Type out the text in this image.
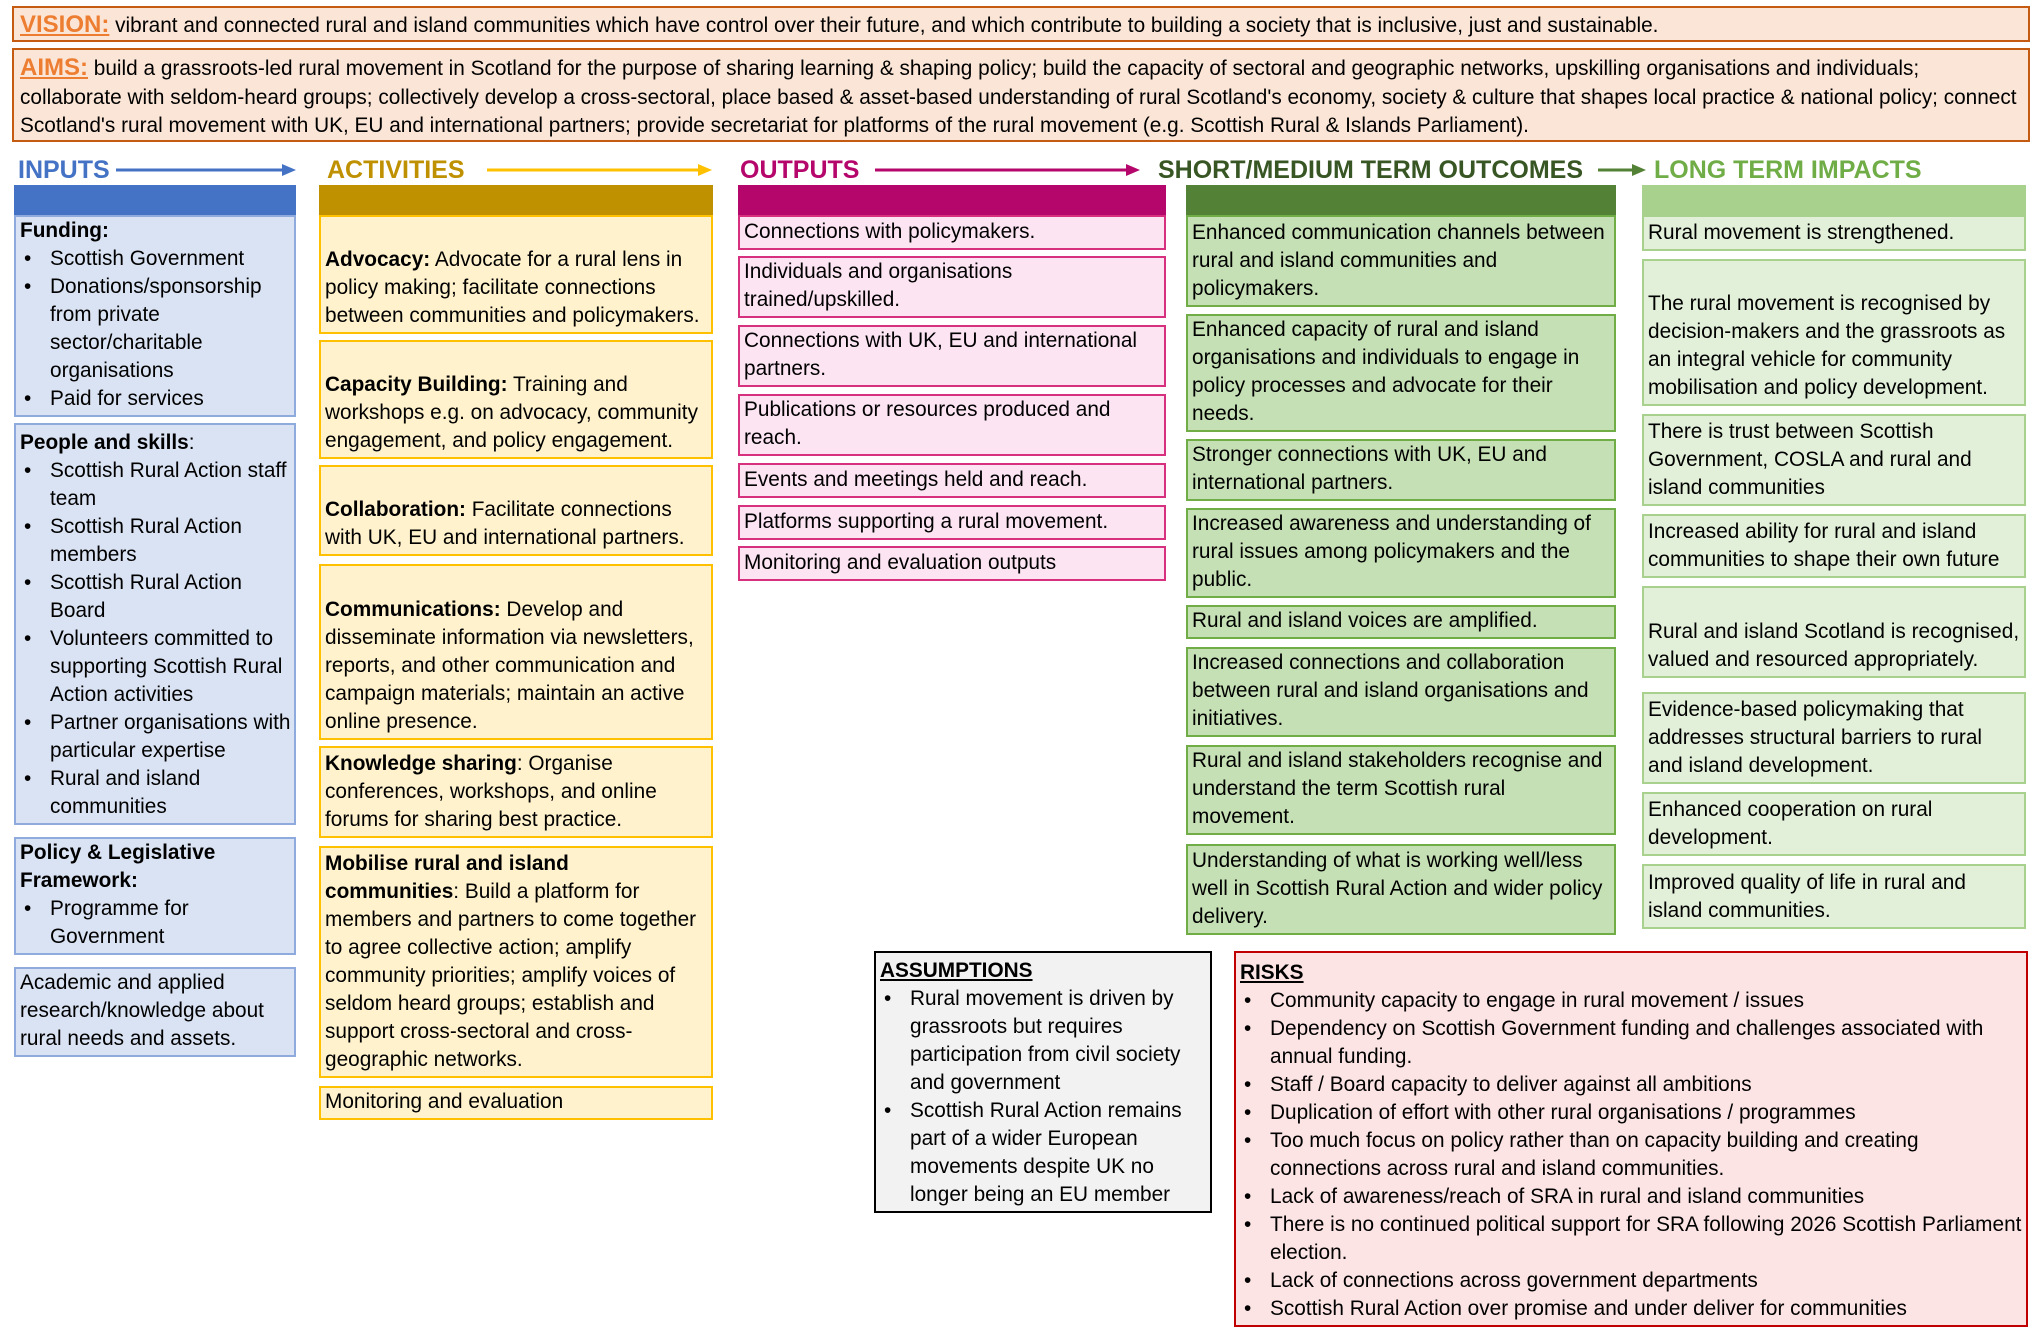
VISION: vibrant and connected rural and island communities which have control over their future, and which contribute to building a society that is inclusive, just and sustainable.
AIMS: build a grassroots-led rural movement in Scotland for the purpose of sharing learning & shaping policy; build the capacity of sectoral and geographic networks, upskilling organisations and individuals; collaborate with seldom-heard groups; collectively develop a cross-sectoral, place based & asset-based understanding of rural Scotland's economy, society & culture that shapes local practice & national policy; connect Scotland's rural movement with UK, EU and international partners; provide secretariat for platforms of the rural movement (e.g. Scottish Rural & Islands Parliament).
INPUTS	ACTIVITIES	OUTPUTS	SHORT/MEDIUM TERM OUTCOMES	LONG TERM IMPACTS
Funding:
• Scottish Government
• Donations/sponsorship from private sector/charitable organisations
• Paid for services
People and skills:
• Scottish Rural Action staff team
• Scottish Rural Action members
• Scottish Rural Action Board
• Volunteers committed to supporting Scottish Rural Action activities
• Partner organisations with particular expertise
• Rural and island communities
Policy & Legislative Framework:
• Programme for Government
Academic and applied research/knowledge about rural needs and assets.
Advocacy: Advocate for a rural lens in policy making; facilitate connections between communities and policymakers.
Capacity Building: Training and workshops e.g. on advocacy, community engagement, and policy engagement.
Collaboration: Facilitate connections with UK, EU and international partners.
Communications: Develop and disseminate information via newsletters, reports, and other communication and campaign materials; maintain an active online presence.
Knowledge sharing: Organise conferences, workshops, and online forums for sharing best practice.
Mobilise rural and island communities: Build a platform for members and partners to come together to agree collective action; amplify community priorities; amplify voices of seldom heard groups; establish and support cross-sectoral and cross-geographic networks.
Monitoring and evaluation
Connections with policymakers.
Individuals and organisations trained/upskilled.
Connections with UK, EU and international partners.
Publications or resources produced and reach.
Events and meetings held and reach.
Platforms supporting a rural movement.
Monitoring and evaluation outputs
Enhanced communication channels between rural and island communities and policymakers.
Enhanced capacity of rural and island organisations and individuals to engage in policy processes and advocate for their needs.
Stronger connections with UK, EU and international partners.
Increased awareness and understanding of rural issues among policymakers and the public.
Rural and island voices are amplified.
Increased connections and collaboration between rural and island organisations and initiatives.
Rural and island stakeholders recognise and understand the term Scottish rural movement.
Understanding of what is working well/less well in Scottish Rural Action and wider policy delivery.
Rural movement is strengthened.
The rural movement is recognised by decision-makers and the grassroots as an integral vehicle for community mobilisation and policy development.
There is trust between Scottish Government, COSLA and rural and island communities
Increased ability for rural and island communities to shape their own future
Rural and island Scotland is recognised, valued and resourced appropriately.
Evidence-based policymaking that addresses structural barriers to rural and island development.
Enhanced cooperation on rural development.
Improved quality of life in rural and island communities.
ASSUMPTIONS
• Rural movement is driven by grassroots but requires participation from civil society and government
• Scottish Rural Action remains part of a wider European movements despite UK no longer being an EU member
RISKS
• Community capacity to engage in rural movement / issues
• Dependency on Scottish Government funding and challenges associated with annual funding.
• Staff / Board capacity to deliver against all ambitions
• Duplication of effort with other rural organisations / programmes
• Too much focus on policy rather than on capacity building and creating connections across rural and island communities.
• Lack of awareness/reach of SRA in rural and island communities
• There is no continued political support for SRA following 2026 Scottish Parliament election.
• Lack of connections across government departments
• Scottish Rural Action over promise and under deliver for communities
